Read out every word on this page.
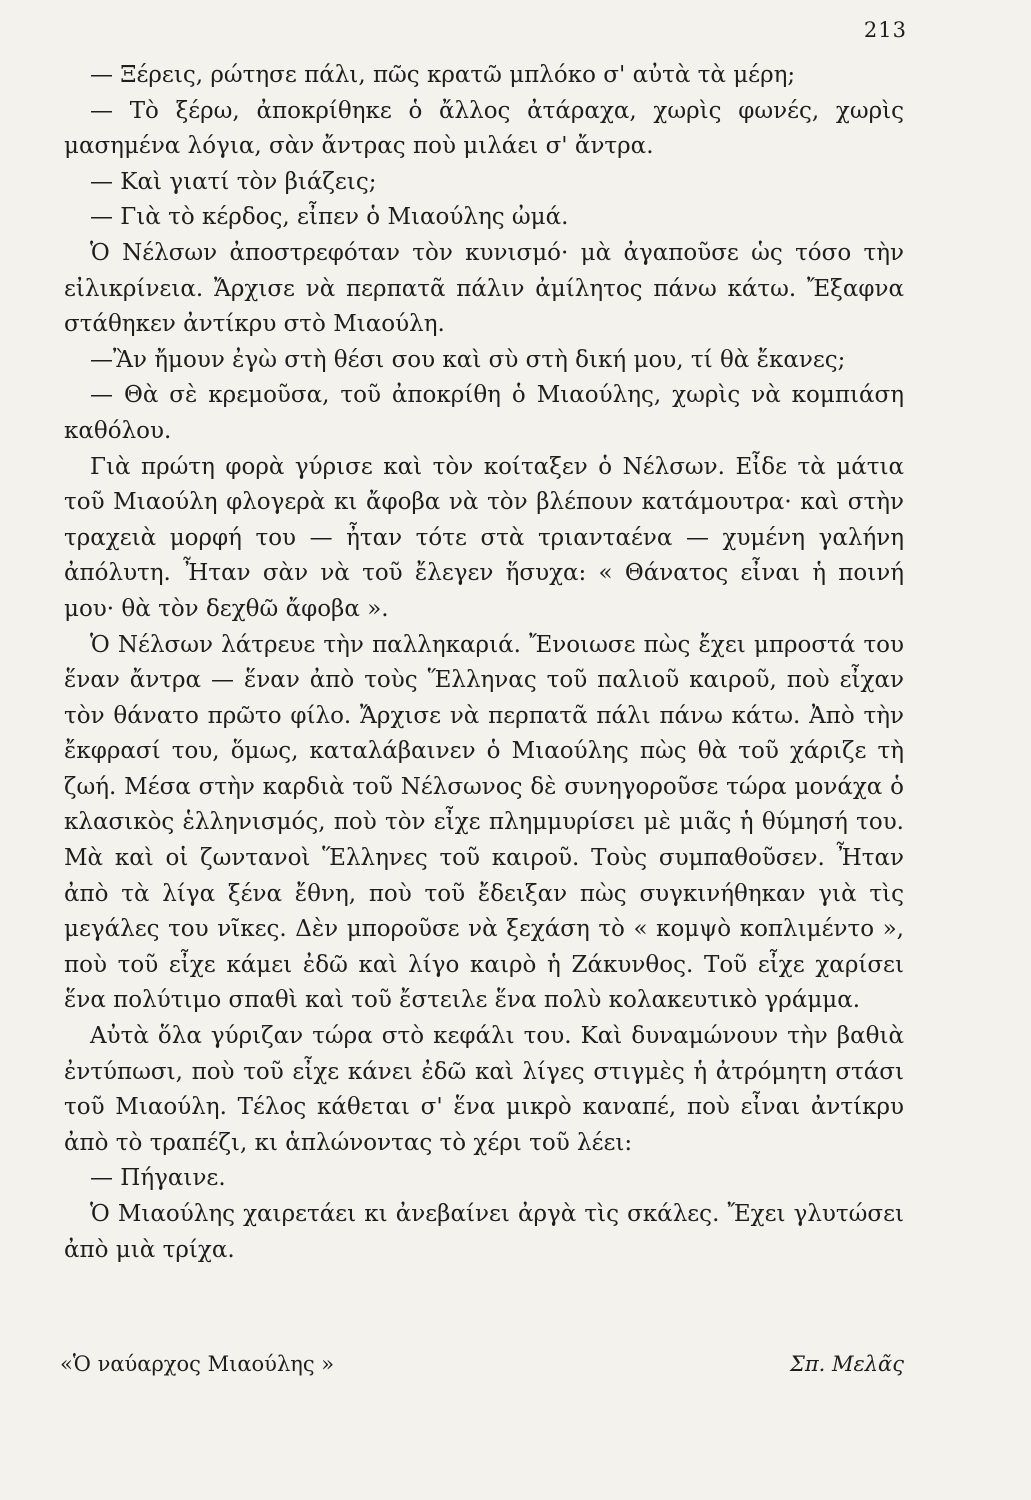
213

— Ξέρεις, ρώτησε πάλι, πῶς κρατῶ μπλόκο σ' αὐτὰ τὰ μέρη;

— Τὸ ξέρω, ἀποκρίθηκε ὁ ἄλλος ἀτάραχα, χωρὶς φωνές, χωρὶς μασημένα λόγια, σὰν ἄντρας ποὺ μιλάει σ' ἄντρα.

— Καὶ γιατί τὸν βιάζεις;

— Γιὰ τὸ κέρδος, εἶπεν ὁ Μιαούλης ὠμά.

Ὁ Νέλσων ἀποστρεφόταν τὸν κυνισμό· μὰ ἀγαποῦσε ὡς τόσο τὴν εἰλικρίνεια. Ἄρχισε νὰ περπατᾶ πάλιν ἀμίλητος πάνω κάτω. Ἔξαφνα στάθηκεν ἀντίκρυ στὸ Μιαούλη.

—Ἂν ἤμουν ἐγὼ στὴ θέσι σου καὶ σὺ στὴ δική μου, τί θὰ ἔκανες;

— Θὰ σὲ κρεμοῦσα, τοῦ ἀποκρίθη ὁ Μιαούλης, χωρὶς νὰ κομπιάση καθόλου.

Γιὰ πρώτη φορὰ γύρισε καὶ τὸν κοίταξεν ὁ Νέλσων. Εἶδε τὰ μάτια τοῦ Μιαούλη φλογερὰ κι ἄφοβα νὰ τὸν βλέπουν κατάμουτρα· καὶ στὴν τραχειὰ μορφή του — ἦταν τότε στὰ τριανταένα — χυμένη γαλήνη ἀπόλυτη. Ἦταν σὰν νὰ τοῦ ἔλεγεν ἥσυχα: « Θάνατος εἶναι ἡ ποινή μου· θὰ τὸν δεχθῶ ἄφοβα ».

Ὁ Νέλσων λάτρευε τὴν παλληκαριά. Ἔνοιωσε πὼς ἔχει μπροστά του ἕναν ἄντρα — ἕναν ἀπὸ τοὺς Ἕλληνας τοῦ παλιοῦ καιροῦ, ποὺ εἶχαν τὸν θάνατο πρῶτο φίλο. Ἄρχισε νὰ περπατᾶ πάλι πάνω κάτω. Ἀπὸ τὴν ἔκφρασί του, ὅμως, καταλάβαινεν ὁ Μιαούλης πὼς θὰ τοῦ χάριζε τὴ ζωή. Μέσα στὴν καρδιὰ τοῦ Νέλσωνος δὲ συνηγοροῦσε τώρα μονάχα ὁ κλασικὸς ἑλληνισμός, ποὺ τὸν εἶχε πλημμυρίσει μὲ μιᾶς ἡ θύμησή του. Μὰ καὶ οἱ ζωντανοὶ Ἕλληνες τοῦ καιροῦ. Τοὺς συμπαθοῦσεν. Ἦταν ἀπὸ τὰ λίγα ξένα ἔθνη, ποὺ τοῦ ἔδειξαν πὼς συγκινήθηκαν γιὰ τὶς μεγάλες του νῖκες. Δὲν μποροῦσε νὰ ξεχάση τὸ « κομψὸ κοπλιμέντο », ποὺ τοῦ εἶχε κάμει ἐδῶ καὶ λίγο καιρὸ ἡ Ζάκυνθος. Τοῦ εἶχε χαρίσει ἕνα πολύτιμο σπαθὶ καὶ τοῦ ἔστειλε ἕνα πολὺ κολακευτικὸ γράμμα.

Αὐτὰ ὅλα γύριζαν τώρα στὸ κεφάλι του. Καὶ δυναμώνουν τὴν βαθιὰ ἐντύπωσι, ποὺ τοῦ εἶχε κάνει ἐδῶ καὶ λίγες στιγμὲς ἡ ἀτρόμητη στάσι τοῦ Μιαούλη. Τέλος κάθεται σ' ἕνα μικρὸ καναπέ, ποὺ εἶναι ἀντίκρυ ἀπὸ τὸ τραπέζι, κι ἁπλώνοντας τὸ χέρι τοῦ λέει:

— Πήγαινε.

Ὁ Μιαούλης χαιρετάει κι ἀνεβαίνει ἀργὰ τὶς σκάλες. Ἔχει γλυτώσει ἀπὸ μιὰ τρίχα.

«Ὁ ναύαρχος Μιαούλης »	Σπ. Μελᾶς
